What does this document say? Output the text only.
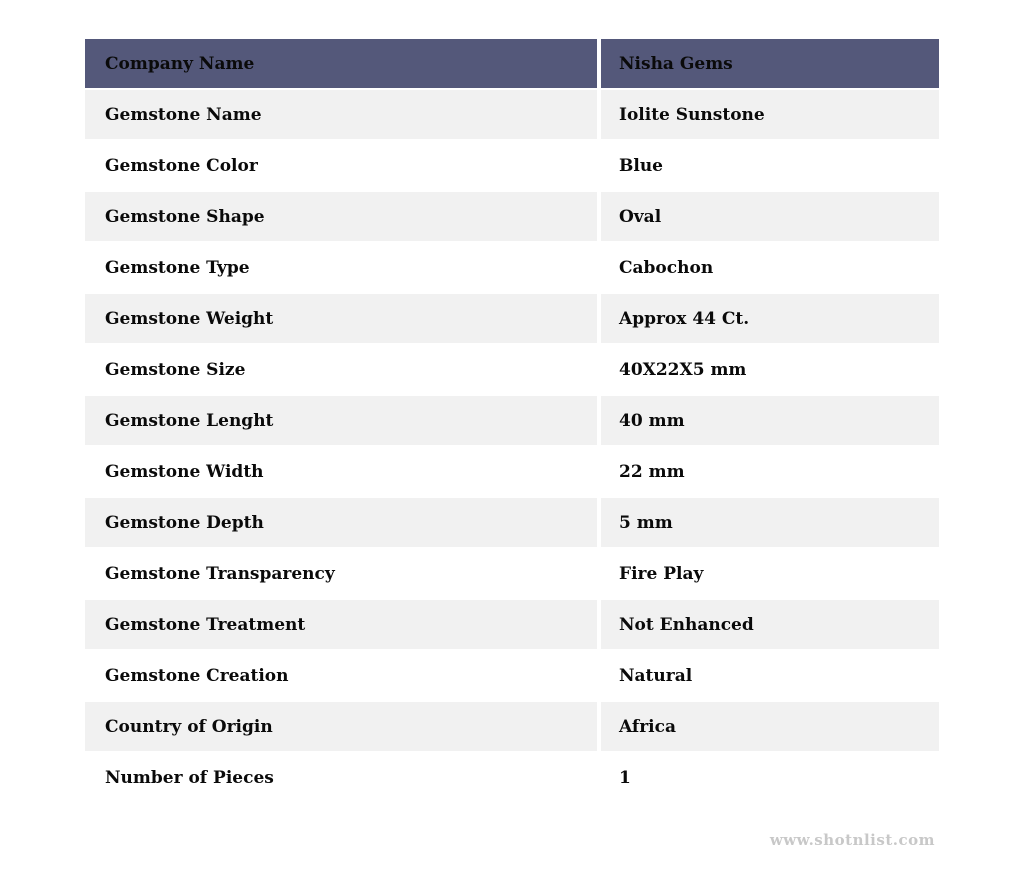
Company Name	Nisha Gems
Gemstone Name	Iolite Sunstone
Gemstone Color	Blue
Gemstone Shape	Oval
Gemstone Type	Cabochon
Gemstone Weight	Approx 44 Ct.
Gemstone Size	40X22X5 mm
Gemstone Lenght	40 mm
Gemstone Width	22 mm
Gemstone Depth	5 mm
Gemstone Transparency	Fire Play
Gemstone Treatment	Not Enhanced
Gemstone Creation	Natural
Country of Origin	Africa
Number of Pieces	1
www.shotnlist.com
